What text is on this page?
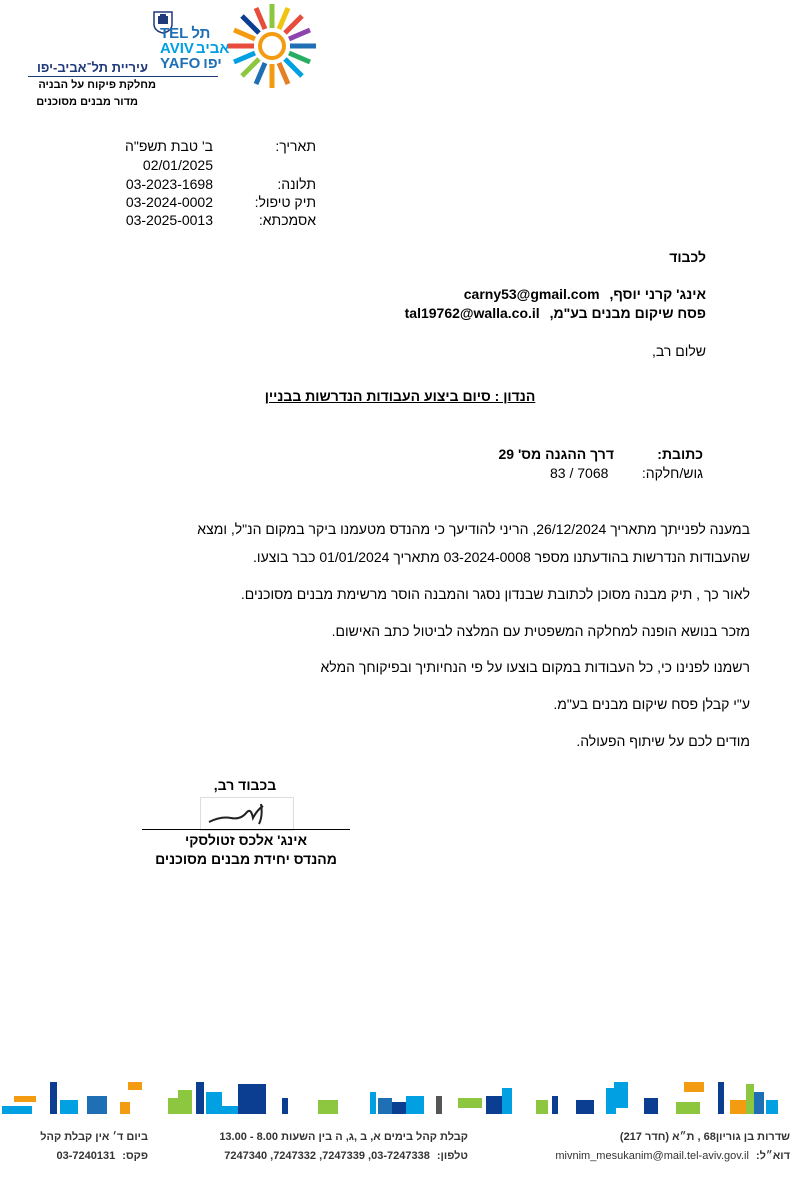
TEL תל
AVIV אביב
YAFO יפו
עיריית תל־אביב-יפו
מחלקת פיקוח על הבניה
מדור מבנים מסוכנים
תאריך:
ב' טבת תשפ"ה
02/01/2025
תלונה:
03-2023-1698
תיק טיפול:
03-2024-0002
אסמכתא:
03-2025-0013
לכבוד
אינג' קרני יוסף, carny53@gmail.com
פסח שיקום מבנים בע"מ, tal19762@walla.co.il
שלום רב,
הנדון : סיום ביצוע העבודות הנדרשות בבניין
כתובת:
דרך ההגנה מס' 29
גוש/חלקה:
83 / 7068
במענה לפנייתך מתאריך 26/12/2024, הריני להודיעך כי מהנדס מטעמנו ביקר במקום הנ"ל, ומצא
שהעבודות הנדרשות בהודעתנו מספר 03-2024-0008 מתאריך 01/01/2024 כבר בוצעו.
לאור כך , תיק מבנה מסוכן לכתובת שבנדון נסגר והמבנה הוסר מרשימת מבנים מסוכנים.
מזכר בנושא הופנה למחלקה המשפטית עם המלצה לביטול כתב האישום.
רשמנו לפנינו כי, כל העבודות במקום בוצעו על פי הנחיותיך ובפיקוחך המלא
ע"י קבלן פסח שיקום מבנים בע"מ.
מודים לכם על שיתוף הפעולה.
בכבוד רב,
אינג' אלכס זטולסקי
מהנדס יחידת מבנים מסוכנים
שדרות בן גוריון68 , ת״א (חדר 217)
דוא״ל: mivnim_mesukanim@mail.tel-aviv.gov.il
קבלת קהל בימים א, ב ,ג, ה בין השעות 8.00 - 13.00
טלפון: 03-7247338, 7247339, 7247332, 7247340
ביום ד׳ אין קבלת קהל
פקס: 03-7240131
